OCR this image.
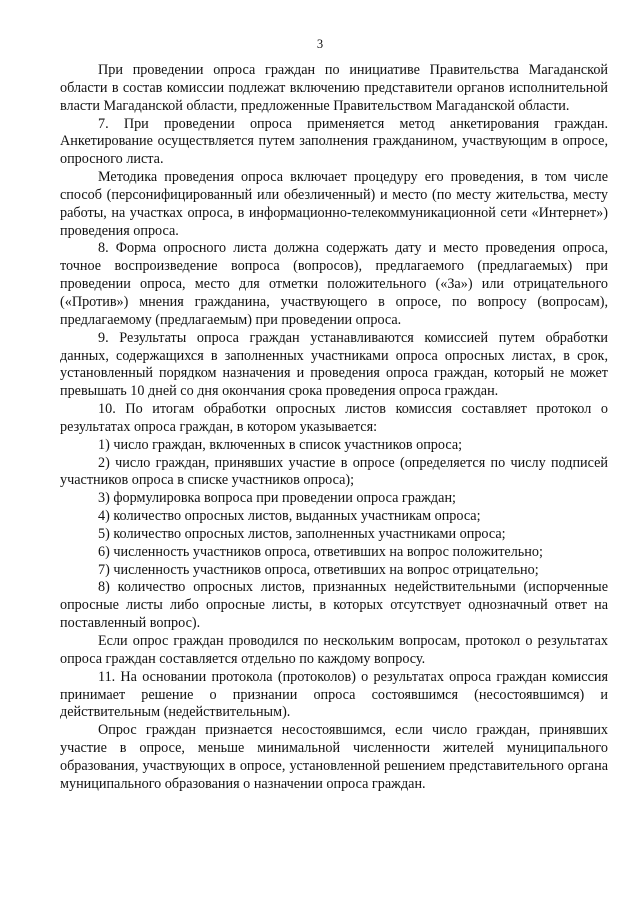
3

При проведении опроса граждан по инициативе Правительства Магаданской области в состав комиссии подлежат включению представители органов исполнительной власти Магаданской области, предложенные Правительством Магаданской области.

7. При проведении опроса применяется метод анкетирования граждан. Анкетирование осуществляется путем заполнения гражданином, участвующим в опросе, опросного листа.

Методика проведения опроса включает процедуру его проведения, в том числе способ (персонифицированный или обезличенный) и место (по месту жительства, месту работы, на участках опроса, в информационно-телекоммуникационной сети «Интернет») проведения опроса.

8. Форма опросного листа должна содержать дату и место проведения опроса, точное воспроизведение вопроса (вопросов), предлагаемого (предлагаемых) при проведении опроса, место для отметки положительного («За») или отрицательного («Против») мнения гражданина, участвующего в опросе, по вопросу (вопросам), предлагаемому (предлагаемым) при проведении опроса.

9. Результаты опроса граждан устанавливаются комиссией путем обработки данных, содержащихся в заполненных участниками опроса опросных листах, в срок, установленный порядком назначения и проведения опроса граждан, который не может превышать 10 дней со дня окончания срока проведения опроса граждан.

10. По итогам обработки опросных листов комиссия составляет протокол о результатах опроса граждан, в котором указывается:

1) число граждан, включенных в список участников опроса;

2) число граждан, принявших участие в опросе (определяется по числу подписей участников опроса в списке участников опроса);

3) формулировка вопроса при проведении опроса граждан;

4) количество опросных листов, выданных участникам опроса;

5) количество опросных листов, заполненных участниками опроса;

6) численность участников опроса, ответивших на вопрос положительно;

7) численность участников опроса, ответивших на вопрос отрицательно;

8) количество опросных листов, признанных недействительными (испорченные опросные листы либо опросные листы, в которых отсутствует однозначный ответ на поставленный вопрос).

Если опрос граждан проводился по нескольким вопросам, протокол о результатах опроса граждан составляется отдельно по каждому вопросу.

11. На основании протокола (протоколов) о результатах опроса граждан комиссия принимает решение о признании опроса состоявшимся (несостоявшимся) и действительным (недействительным).

Опрос граждан признается несостоявшимся, если число граждан, принявших участие в опросе, меньше минимальной численности жителей муниципального образования, участвующих в опросе, установленной решением представительного органа муниципального образования о назначении опроса граждан.
